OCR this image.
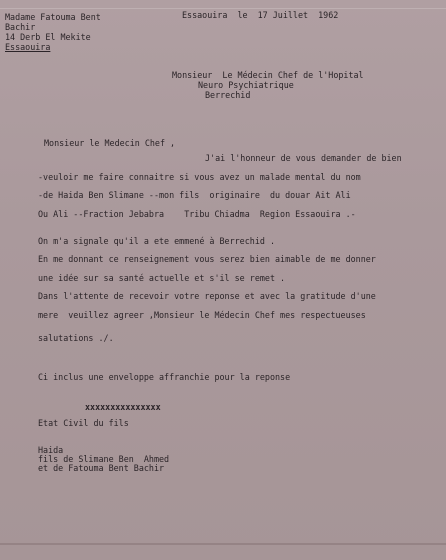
Madame Fatouma Bent
Bachir
14 Derb El Mekite
Essaouira
Essaouira  le  17 Juillet  1962
Monsieur  Le Médecin Chef de l'Hopital
Neuro Psychiatrique
Berrechid
Monsieur le Medecin Chef ,
J'ai l'honneur de vous demander de bien
-veuloir me faire connaitre si vous avez un malade mental du nom
-de Haida Ben Slimane --mon fils  originaire  du douar Ait Ali
Ou Ali --Fraction Jebabra    Tribu Chiadma  Region Essaouira .-
On m'a signale qu'il a ete emmené à Berrechid .
En me donnant ce renseignement vous serez bien aimable de me donner
une idée sur sa santé actuelle et s'il se remet .
Dans l'attente de recevoir votre reponse et avec la gratitude d'une
mere  veuillez agreer ,Monsieur le Médecin Chef mes respectueuses
salutations ./.
Ci inclus une enveloppe affranchie pour la reponse
xxxxxxxxxxxxxxx
Etat Civil du fils
Haida
fils de Slimane Ben  Ahmed
et de Fatouma Bent Bachir
